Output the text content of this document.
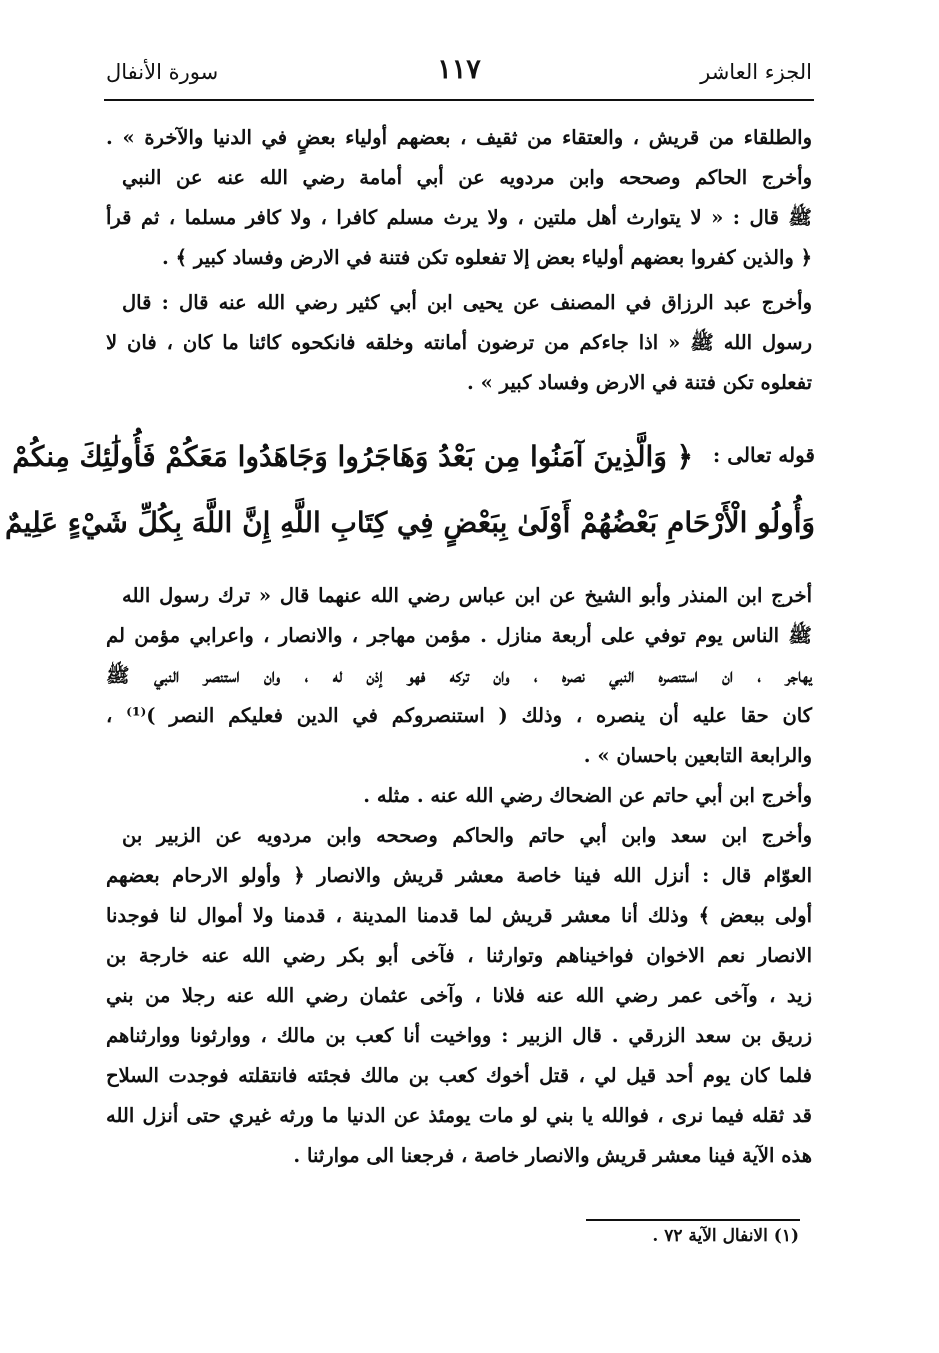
الجزء العاشر
١١٧
سورة الأنفال
والطلقاء من قريش ، والعتقاء من ثقيف ، بعضهم أولياء بعضٍ في الدنيا والآخرة » .
وأخرج الحاكم وصححه وابن مردويه عن أبي أمامة رضي الله عنه عن النبي
ﷺ قال : « لا يتوارث أهل ملتين ، ولا يرث مسلم كافرا ، ولا كافر مسلما ، ثم قرأ
﴿ والذين كفروا بعضهم أولياء بعض إلا تفعلوه تكن فتنة في الارض وفساد كبير ﴾ .
وأخرج عبد الرزاق في المصنف عن يحيى ابن أبي كثير رضي الله عنه قال : قال
رسول الله ﷺ « اذا جاءكم من ترضون أمانته وخلقه فانكحوه كائنا ما كان ، فان لا
تفعلوه تكن فتنة في الارض وفساد كبير » .
قوله تعالى :
﴿ وَالَّذِينَ آمَنُوا مِن بَعْدُ وَهَاجَرُوا وَجَاهَدُوا مَعَكُمْ فَأُولَٰئِكَ مِنكُمْ
وَأُولُو الْأَرْحَامِ بَعْضُهُمْ أَوْلَىٰ بِبَعْضٍ فِي كِتَابِ اللَّهِ إِنَّ اللَّهَ بِكُلِّ شَيْءٍ عَلِيمٌ
أخرج ابن المنذر وأبو الشيخ عن ابن عباس رضي الله عنهما قال « ترك رسول الله
ﷺ الناس يوم توفي على أربعة منازل . مؤمن مهاجر ، والانصار ، واعرابي مؤمن لم
يهاجر ، ان استنصره النبي نصره ، وان تركه فهو إذن له ، وان استنصر النبي ﷺ
كان حقا عليه أن ينصره ، وذلك ( استنصروكم في الدين فعليكم النصر )⁽¹⁾ ،
والرابعة التابعين باحسان » .
وأخرج ابن أبي حاتم عن الضحاك رضي الله عنه . مثله .
وأخرج ابن سعد وابن أبي حاتم والحاكم وصححه وابن مردويه عن الزبير بن
العوّام قال : أنزل الله فينا خاصة معشر قريش والانصار ﴿ وأولو الارحام بعضهم
أولى ببعض ﴾ وذلك أنا معشر قريش لما قدمنا المدينة ، قدمنا ولا أموال لنا فوجدنا
الانصار نعم الاخوان فواخيناهم وتوارثنا ، فآخى أبو بكر رضي الله عنه خارجة بن
زيد ، وآخى عمر رضي الله عنه فلانا ، وآخى عثمان رضي الله عنه رجلا من بني
زريق بن سعد الزرقي . قال الزبير : وواخيت أنا كعب بن مالك ، ووارثونا ووارثناهم
فلما كان يوم أحد قيل لي ، قتل أخوك كعب بن مالك فجئته فانتقلته فوجدت السلاح
قد ثقله فيما نرى ، فوالله يا بني لو مات يومئذ عن الدنيا ما ورثه غيري حتى أنزل الله
هذه الآية فينا معشر قريش والانصار خاصة ، فرجعنا الى موارثنا .
(١) الانفال الآية ٧٢ .
